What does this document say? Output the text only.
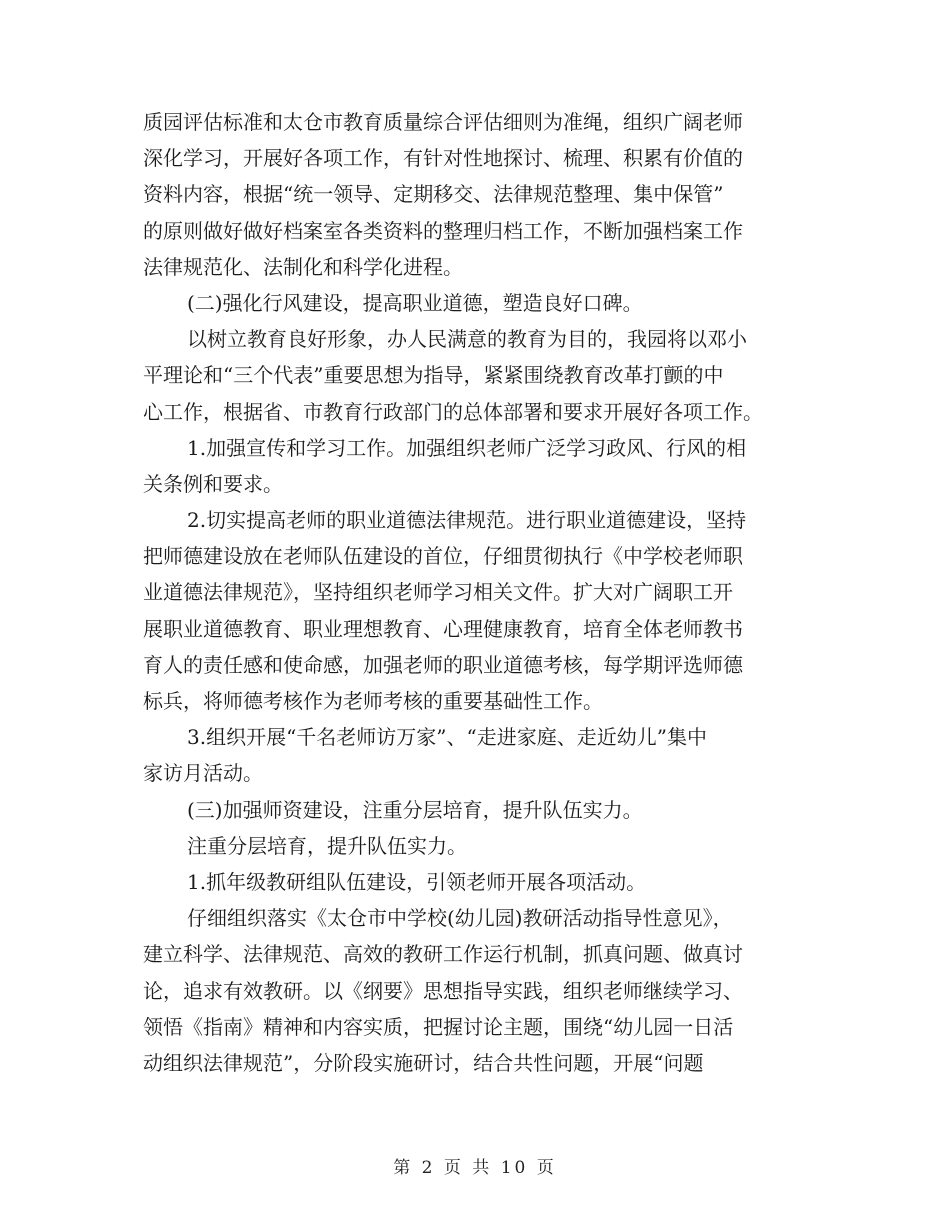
质园评估标准和太仓市教育质量综合评估细则为准绳，组织广阔老师
深化学习，开展好各项工作，有针对性地探讨、梳理、积累有价值的
资料内容，根据“统一领导、定期移交、法律规范整理、集中保管”
的原则做好做好档案室各类资料的整理归档工作，不断加强档案工作
法律规范化、法制化和科学化进程。
(二)强化行风建设，提高职业道德，塑造良好口碑。
以树立教育良好形象，办人民满意的教育为目的，我园将以邓小
平理论和“三个代表”重要思想为指导，紧紧围绕教育改革打颤的中
心工作，根据省、市教育行政部门的总体部署和要求开展好各项工作。
1.加强宣传和学习工作。加强组织老师广泛学习政风、行风的相
关条例和要求。
2.切实提高老师的职业道德法律规范。进行职业道德建设，坚持
把师德建设放在老师队伍建设的首位，仔细贯彻执行《中学校老师职
业道德法律规范》，坚持组织老师学习相关文件。扩大对广阔职工开
展职业道德教育、职业理想教育、心理健康教育，培育全体老师教书
育人的责任感和使命感，加强老师的职业道德考核，每学期评选师德
标兵，将师德考核作为老师考核的重要基础性工作。
3.组织开展“千名老师访万家”、“走进家庭、走近幼儿”集中
家访月活动。
(三)加强师资建设，注重分层培育，提升队伍实力。
注重分层培育，提升队伍实力。
1.抓年级教研组队伍建设，引领老师开展各项活动。
仔细组织落实《太仓市中学校(幼儿园)教研活动指导性意见》，
建立科学、法律规范、高效的教研工作运行机制，抓真问题、做真讨
论，追求有效教研。以《纲要》思想指导实践，组织老师继续学习、
领悟《指南》精神和内容实质，把握讨论主题，围绕“幼儿园一日活
动组织法律规范”，分阶段实施研讨，结合共性问题，开展“问题
第 2 页 共 10 页
